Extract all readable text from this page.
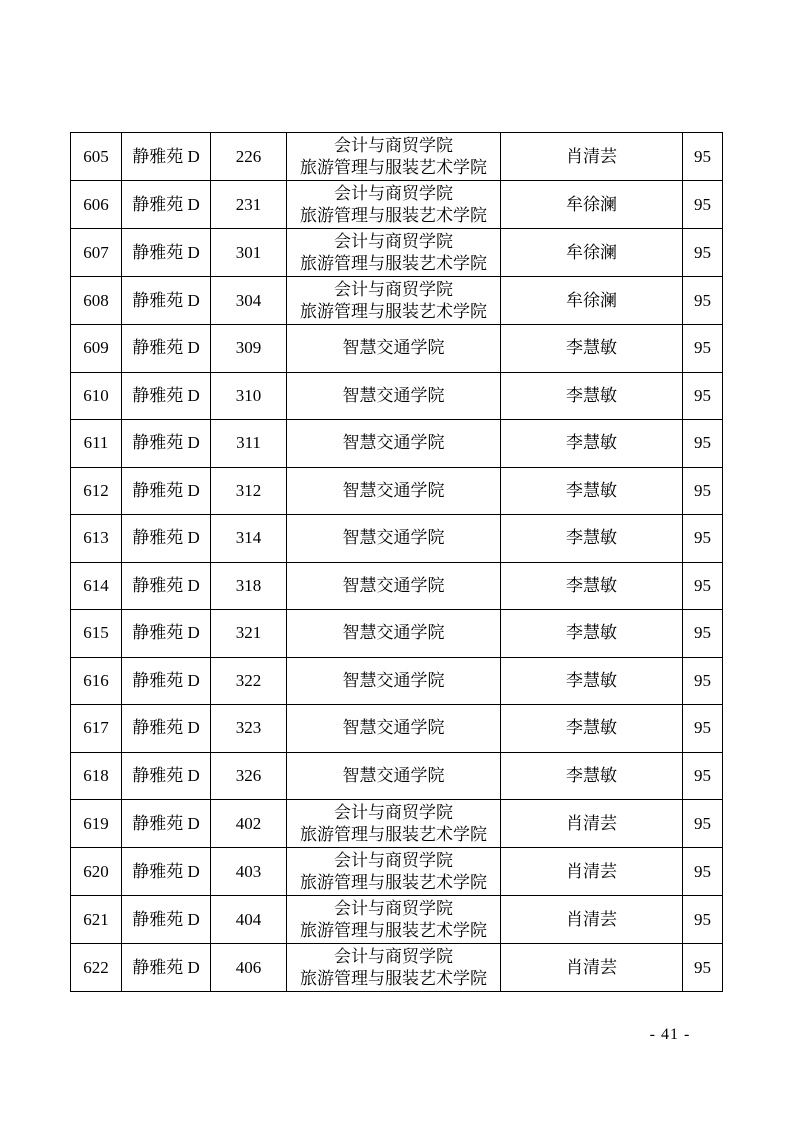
605	静雅苑 D	226	会计与商贸学院
旅游管理与服装艺术学院	肖清芸	95
606	静雅苑 D	231	会计与商贸学院
旅游管理与服装艺术学院	牟徐澜	95
607	静雅苑 D	301	会计与商贸学院
旅游管理与服装艺术学院	牟徐澜	95
608	静雅苑 D	304	会计与商贸学院
旅游管理与服装艺术学院	牟徐澜	95
609	静雅苑 D	309	智慧交通学院	李慧敏	95
610	静雅苑 D	310	智慧交通学院	李慧敏	95
611	静雅苑 D	311	智慧交通学院	李慧敏	95
612	静雅苑 D	312	智慧交通学院	李慧敏	95
613	静雅苑 D	314	智慧交通学院	李慧敏	95
614	静雅苑 D	318	智慧交通学院	李慧敏	95
615	静雅苑 D	321	智慧交通学院	李慧敏	95
616	静雅苑 D	322	智慧交通学院	李慧敏	95
617	静雅苑 D	323	智慧交通学院	李慧敏	95
618	静雅苑 D	326	智慧交通学院	李慧敏	95
619	静雅苑 D	402	会计与商贸学院
旅游管理与服装艺术学院	肖清芸	95
620	静雅苑 D	403	会计与商贸学院
旅游管理与服装艺术学院	肖清芸	95
621	静雅苑 D	404	会计与商贸学院
旅游管理与服装艺术学院	肖清芸	95
622	静雅苑 D	406	会计与商贸学院
旅游管理与服装艺术学院	肖清芸	95
- 41 -
